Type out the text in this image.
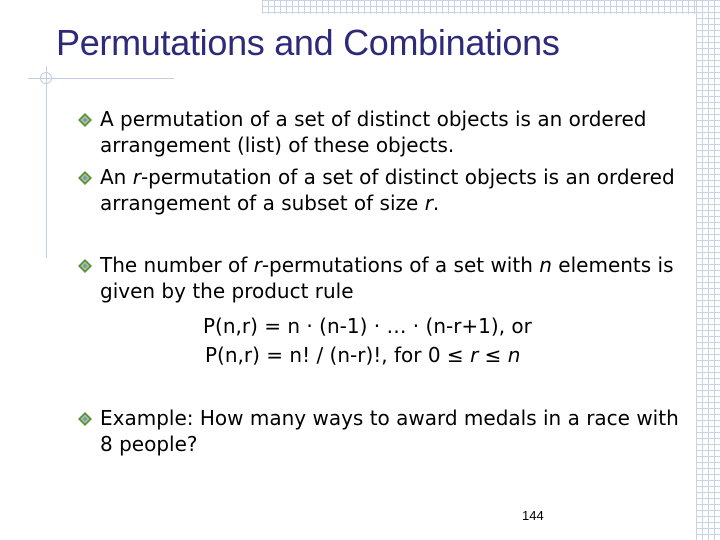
Permutations and Combinations
A permutation of a set of distinct objects is an ordered arrangement (list) of these objects.
An r-permutation of a set of distinct objects is an ordered arrangement of a subset of size r.
The number of r-permutations of a set with n elements is given by the product rule
P(n,r) = n · (n-1) · … · (n-r+1), or
P(n,r) = n! / (n-r)!, for 0 ≤ r ≤ n
Example: How many ways to award medals in a race with 8 people?
144
